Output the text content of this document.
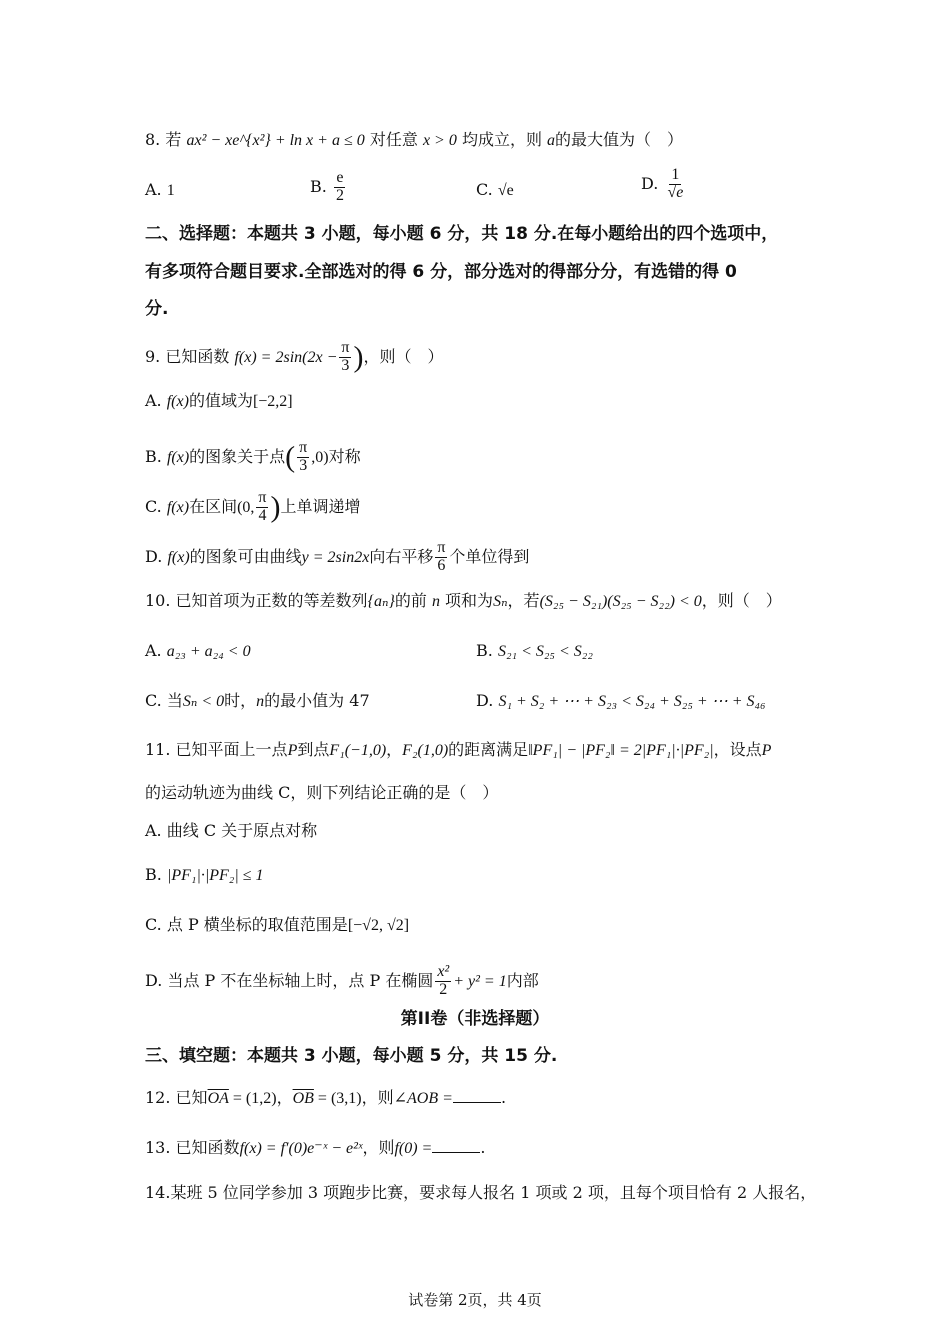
8. 若 ax² − xe^{x²} + ln x + a ≤ 0 对任意 x > 0 均成立，则 a的最大值为（　）
A. 1	B. $\frac{e}{2}$	C. √e	D. $\frac{1}{√e}$
二、选择题：本题共 3 小题，每小题 6 分，共 18 分.在每小题给出的四个选项中，
有多项符合题目要求.全部选对的得 6 分，部分选对的得部分分，有选错的得 0
分.
9. 已知函数 $f(x) = 2\sin(2x - \frac{\pi}{3}$ )，则（　）
A. f(x)的值域为[−2,2]
B. f(x)的图象关于点( $\frac{\pi}{3} ,0$)对称
C. f(x)在区间(0, $\frac{\pi}{4}$ )上单调递增
D. f(x)的图象可由曲线y = 2sin2x向右平移 $\frac{\pi}{6}$ 个单位得到
10. 已知首项为正数的等差数列{aₙ}的前 n 项和为Sₙ，若(S₂₅ − S₂₁)(S₂₅ − S₂₂) < 0，则（　）
A. a₂₃ + a₂₄ < 0	B. S₂₁ < S₂₅ < S₂₂
C. 当Sₙ < 0时，n的最小值为 47	D. S₁ + S₂ + ⋯ + S₂₃ < S₂₄ + S₂₅ + ⋯ + S₄₆
11. 已知平面上一点P到点F₁(−1,0)，F₂(1,0)的距离满足‖PF₁| − |PF₂‖ = 2|PF₁|·|PF₂|，设点P
的运动轨迹为曲线 C，则下列结论正确的是（　）
A. 曲线 C 关于原点对称
B. |PF₁|·|PF₂| ≤ 1
C. 点 P 横坐标的取值范围是[−√2, √2]
D. 当点 P 不在坐标轴上时，点 P 在椭圆 $\frac{\text{x²}}{2} + y^2 = 1$内部
第II卷（非选择题）
三、填空题：本题共 3 小题，每小题 5 分，共 15 分.
12. 已知$\overline{OA} = (1,2)$，$\overline{OB} = (3,1)$，则∠AOB =	.
13. 已知函数f(x) = f′(0)e⁻ˣ − e²ˣ，则f(0) =	.
14.某班 5 位同学参加 3 项跑步比赛，要求每人报名 1 项或 2 项，且每个项目恰有 2 人报名，
试卷第 2页，共 4页
